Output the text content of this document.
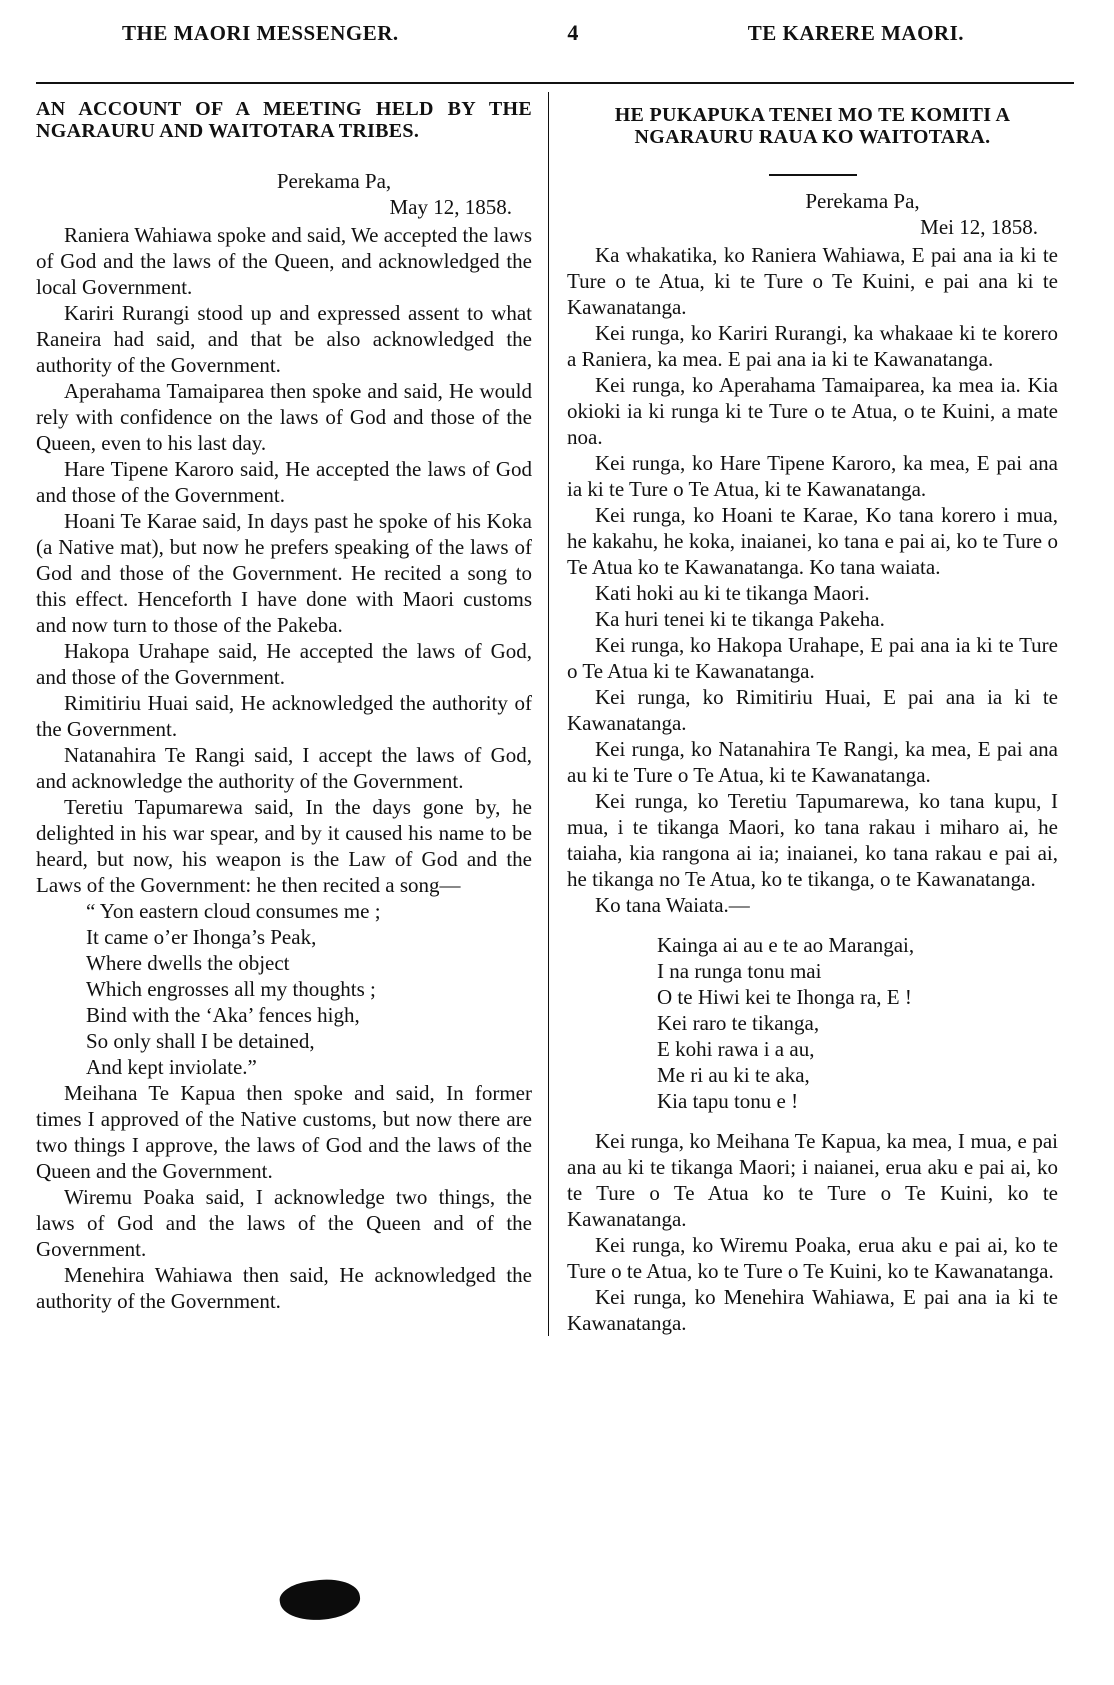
THE MAORI MESSENGER.	4	TE KARERE MAORI.
AN ACCOUNT OF A MEETING HELD BY THE NGARAURU AND WAITOTARA TRIBES.
Perekama Pa,
May 12, 1858.

Raniera Wahiawa spoke and said, We accepted the laws of God and the laws of the Queen, and acknowledged the local Government.

Kariri Rurangi stood up and expressed assent to what Raneira had said, and that be also acknowledged the authority of the Government.

Aperahama Tamaiparea then spoke and said, He would rely with confidence on the laws of God and those of the Queen, even to his last day.

Hare Tipene Karoro said, He accepted the laws of God and those of the Government.

Hoani Te Karae said, In days past he spoke of his Koka (a Native mat), but now he prefers speaking of the laws of God and those of the Government. He recited a song to this effect. Henceforth I have done with Maori customs and now turn to those of the Pakeba.

Hakopa Urahape said, He accepted the laws of God, and those of the Government.

Rimitiriu Huai said, He acknowledged the authority of the Government.

Natanahira Te Rangi said, I accept the laws of God, and acknowledge the authority of the Government.

Teretiu Tapumarewa said, In the days gone by, he delighted in his war spear, and by it caused his name to be heard, but now, his weapon is the Law of God and the Laws of the Government: he then recited a song—

“ Yon eastern cloud consumes me ;
It came o’er Ihonga’s Peak,
Where dwells the object
Which engrosses all my thoughts ;
Bind with the ‘Aka’ fences high,
So only shall I be detained,
And kept inviolate.”

Meihana Te Kapua then spoke and said, In former times I approved of the Native customs, but now there are two things I approve, the laws of God and the laws of the Queen and the Government.

Wiremu Poaka said, I acknowledge two things, the laws of God and the laws of the Queen and of the Government.

Menehira Wahiawa then said, He acknowledged the authority of the Government.

HE PUKAPUKA TENEI MO TE KOMITI A NGARAURU RAUA KO WAITOTARA.
Perekama Pa,
Mei 12, 1858.

Ka whakatika, ko Raniera Wahiawa, E pai ana ia ki te Ture o te Atua, ki te Ture o Te Kuini, e pai ana ki te Kawanatanga.

Kei runga, ko Kariri Rurangi, ka whakaae ki te korero a Raniera, ka mea. E pai ana ia ki te Kawanatanga.

Kei runga, ko Aperahama Tamaiparea, ka mea ia. Kia okioki ia ki runga ki te Ture o te Atua, o te Kuini, a mate noa.

Kei runga, ko Hare Tipene Karoro, ka mea, E pai ana ia ki te Ture o Te Atua, ki te Kawanatanga.

Kei runga, ko Hoani te Karae, Ko tana korero i mua, he kakahu, he koka, inaianei, ko tana e pai ai, ko te Ture o Te Atua ko te Kawanatanga. Ko tana waiata.

Kati hoki au ki te tikanga Maori.

Ka huri tenei ki te tikanga Pakeha.

Kei runga, ko Hakopa Urahape, E pai ana ia ki te Ture o Te Atua ki te Kawanatanga.

Kei runga, ko Rimitiriu Huai, E pai ana ia ki te Kawanatanga.

Kei runga, ko Natanahira Te Rangi, ka mea, E pai ana au ki te Ture o Te Atua, ki te Kawanatanga.

Kei runga, ko Teretiu Tapumarewa, ko tana kupu, I mua, i te tikanga Maori, ko tana rakau i miharo ai, he taiaha, kia rangona ai ia; inaianei, ko tana rakau e pai ai, he tikanga no Te Atua, ko te tikanga, o te Kawanatanga.

Ko tana Waiata.—

Kainga ai au e te ao Marangai,
I na runga tonu mai
O te Hiwi kei te Ihonga ra, E !
Kei raro te tikanga,
E kohi rawa i a au,
Me ri au ki te aka,
Kia tapu tonu e !

Kei runga, ko Meihana Te Kapua, ka mea, I mua, e pai ana au ki te tikanga Maori; i naianei, erua aku e pai ai, ko te Ture o Te Atua ko te Ture o Te Kuini, ko te Kawanatanga.

Kei runga, ko Wiremu Poaka, erua aku e pai ai, ko te Ture o te Atua, ko te Ture o Te Kuini, ko te Kawanatanga.

Kei runga, ko Menehira Wahiawa, E pai ana ia ki te Kawanatanga.
